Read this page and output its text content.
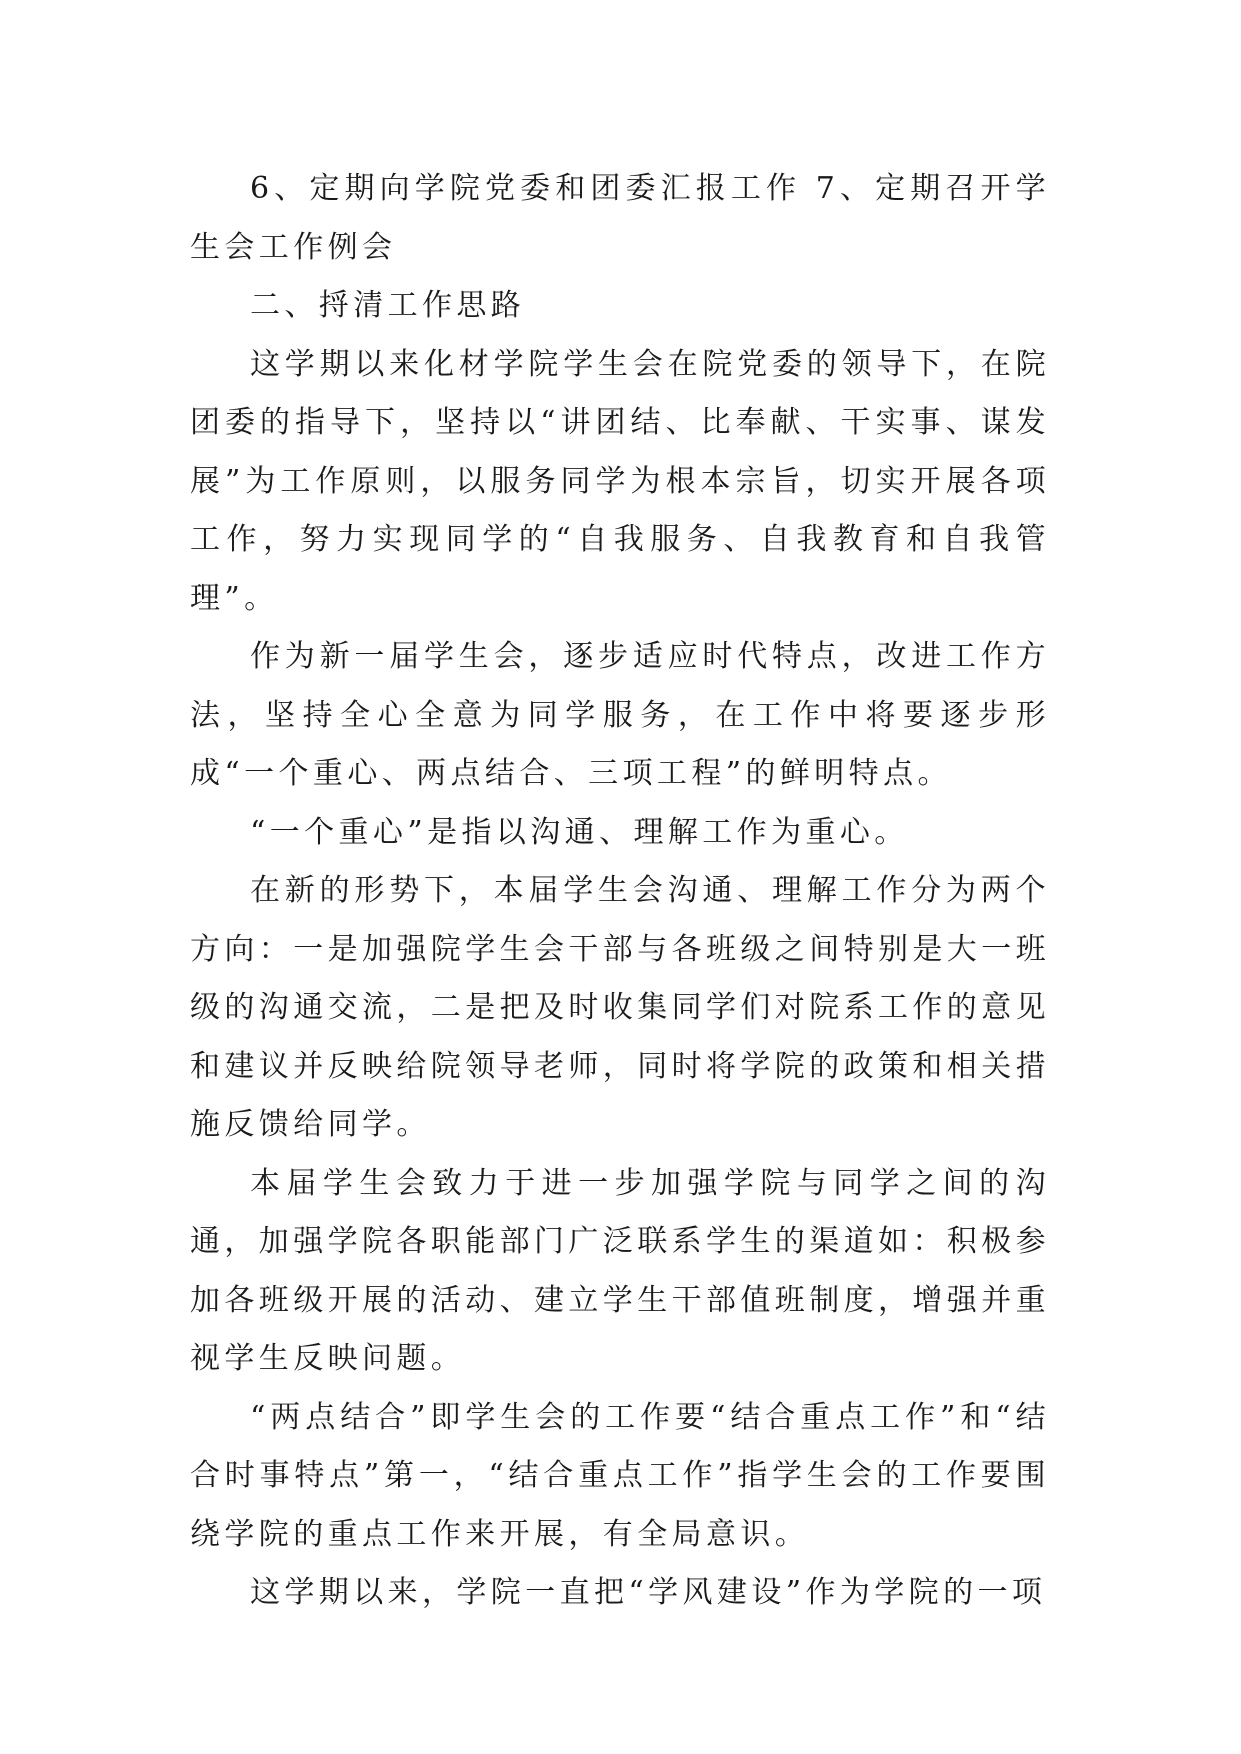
6、定期向学院党委和团委汇报工作 7、定期召开学生会工作例会

二、捋清工作思路

这学期以来化材学院学生会在院党委的领导下，在院团委的指导下，坚持以“讲团结、比奉献、干实事、谋发展”为工作原则，以服务同学为根本宗旨，切实开展各项工作，努力实现同学的“自我服务、自我教育和自我管理”。

作为新一届学生会，逐步适应时代特点，改进工作方法，坚持全心全意为同学服务，在工作中将要逐步形成“一个重心、两点结合、三项工程”的鲜明特点。

“一个重心”是指以沟通、理解工作为重心。

在新的形势下，本届学生会沟通、理解工作分为两个方向：一是加强院学生会干部与各班级之间特别是大一班级的沟通交流，二是把及时收集同学们对院系工作的意见和建议并反映给院领导老师，同时将学院的政策和相关措施反馈给同学。

本届学生会致力于进一步加强学院与同学之间的沟通，加强学院各职能部门广泛联系学生的渠道如：积极参加各班级开展的活动、建立学生干部值班制度，增强并重视学生反映问题。

“两点结合”即学生会的工作要“结合重点工作”和“结合时事特点”第一，“结合重点工作”指学生会的工作要围绕学院的重点工作来开展，有全局意识。

这学期以来，学院一直把“学风建设”作为学院的一项
